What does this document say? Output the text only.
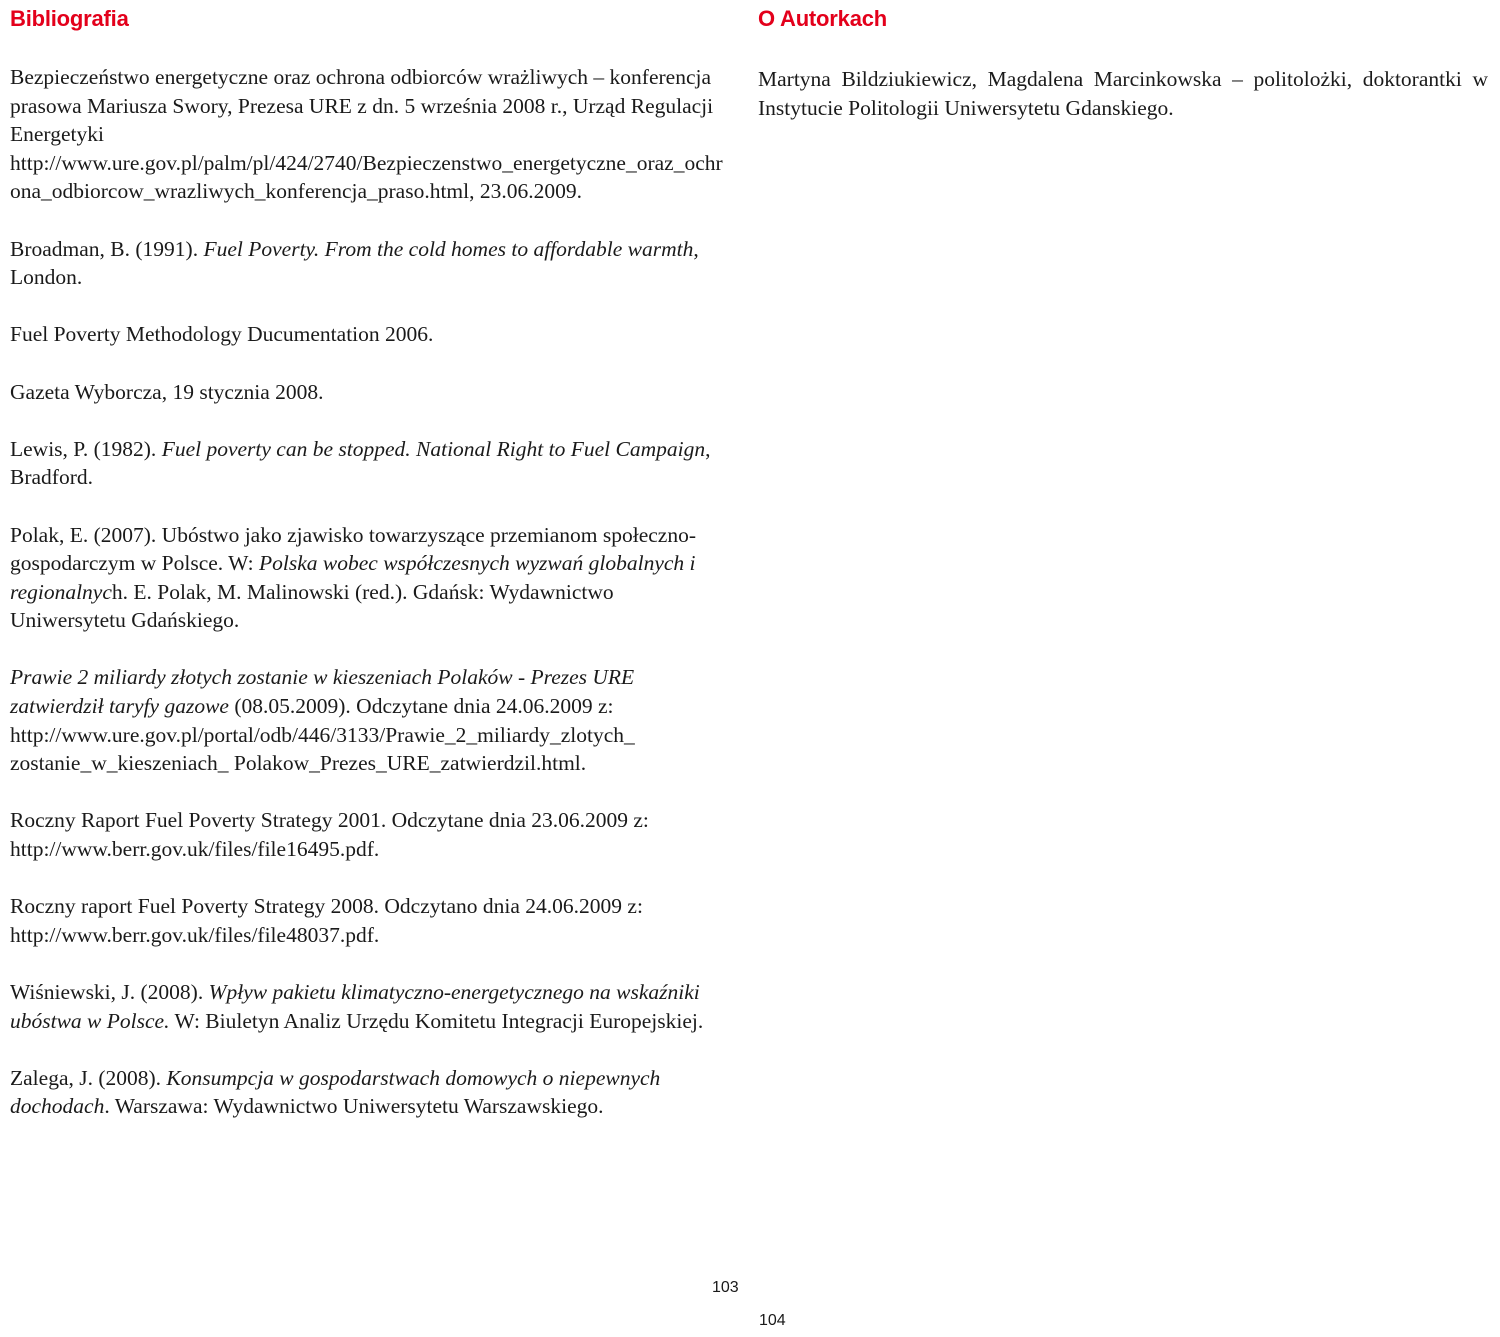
Bibliografia

Bezpieczeństwo energetyczne oraz ochrona odbiorców wrażliwych – konferencja prasowa Mariusza Swory, Prezesa URE z dn. 5 września 2008 r., Urząd Regulacji Energetyki http://www.ure.gov.pl/palm/pl/424/2740/Bezpieczenstwo_energetyczne_oraz_ochrona_odbiorcow_wrazliwych_konferencja_praso.html, 23.06.2009.

Broadman, B. (1991). Fuel Poverty. From the cold homes to affordable warmth, London.

Fuel Poverty Methodology Ducumentation 2006.

Gazeta Wyborcza, 19 stycznia 2008.

Lewis, P. (1982). Fuel poverty can be stopped. National Right to Fuel Campaign, Bradford.

Polak, E. (2007). Ubóstwo jako zjawisko towarzyszące przemianom społeczno-gospodarczym w Polsce. W: Polska wobec współczesnych wyzwań globalnych i regionalnych. E. Polak, M. Malinowski (red.). Gdańsk: Wydawnictwo Uniwersytetu Gdańskiego.

Prawie 2 miliardy złotych zostanie w kieszeniach Polaków - Prezes URE zatwierdził taryfy gazowe (08.05.2009). Odczytane dnia 24.06.2009 z: http://www.ure.gov.pl/portal/odb/446/3133/Prawie_2_miliardy_zlotych_ zostanie_w_kieszeniach_ Polakow_Prezes_URE_zatwierdzil.html.

Roczny Raport Fuel Poverty Strategy 2001. Odczytane dnia 23.06.2009 z: http://www.berr.gov.uk/files/file16495.pdf.

Roczny raport Fuel Poverty Strategy 2008. Odczytano dnia 24.06.2009 z: http://www.berr.gov.uk/files/file48037.pdf.

Wiśniewski, J. (2008). Wpływ pakietu klimatyczno-energetycznego na wskaźniki ubóstwa w Polsce. W: Biuletyn Analiz Urzędu Komitetu Integracji Europejskiej.

Zalega, J. (2008). Konsumpcja w gospodarstwach domowych o niepewnych dochodach. Warszawa: Wydawnictwo Uniwersytetu Warszawskiego.

O Autorkach

Martyna Bildziukiewicz, Magdalena Marcinkowska – politolożki, doktorantki w Instytucie Politologii Uniwersytetu Gdanskiego.

103
104
